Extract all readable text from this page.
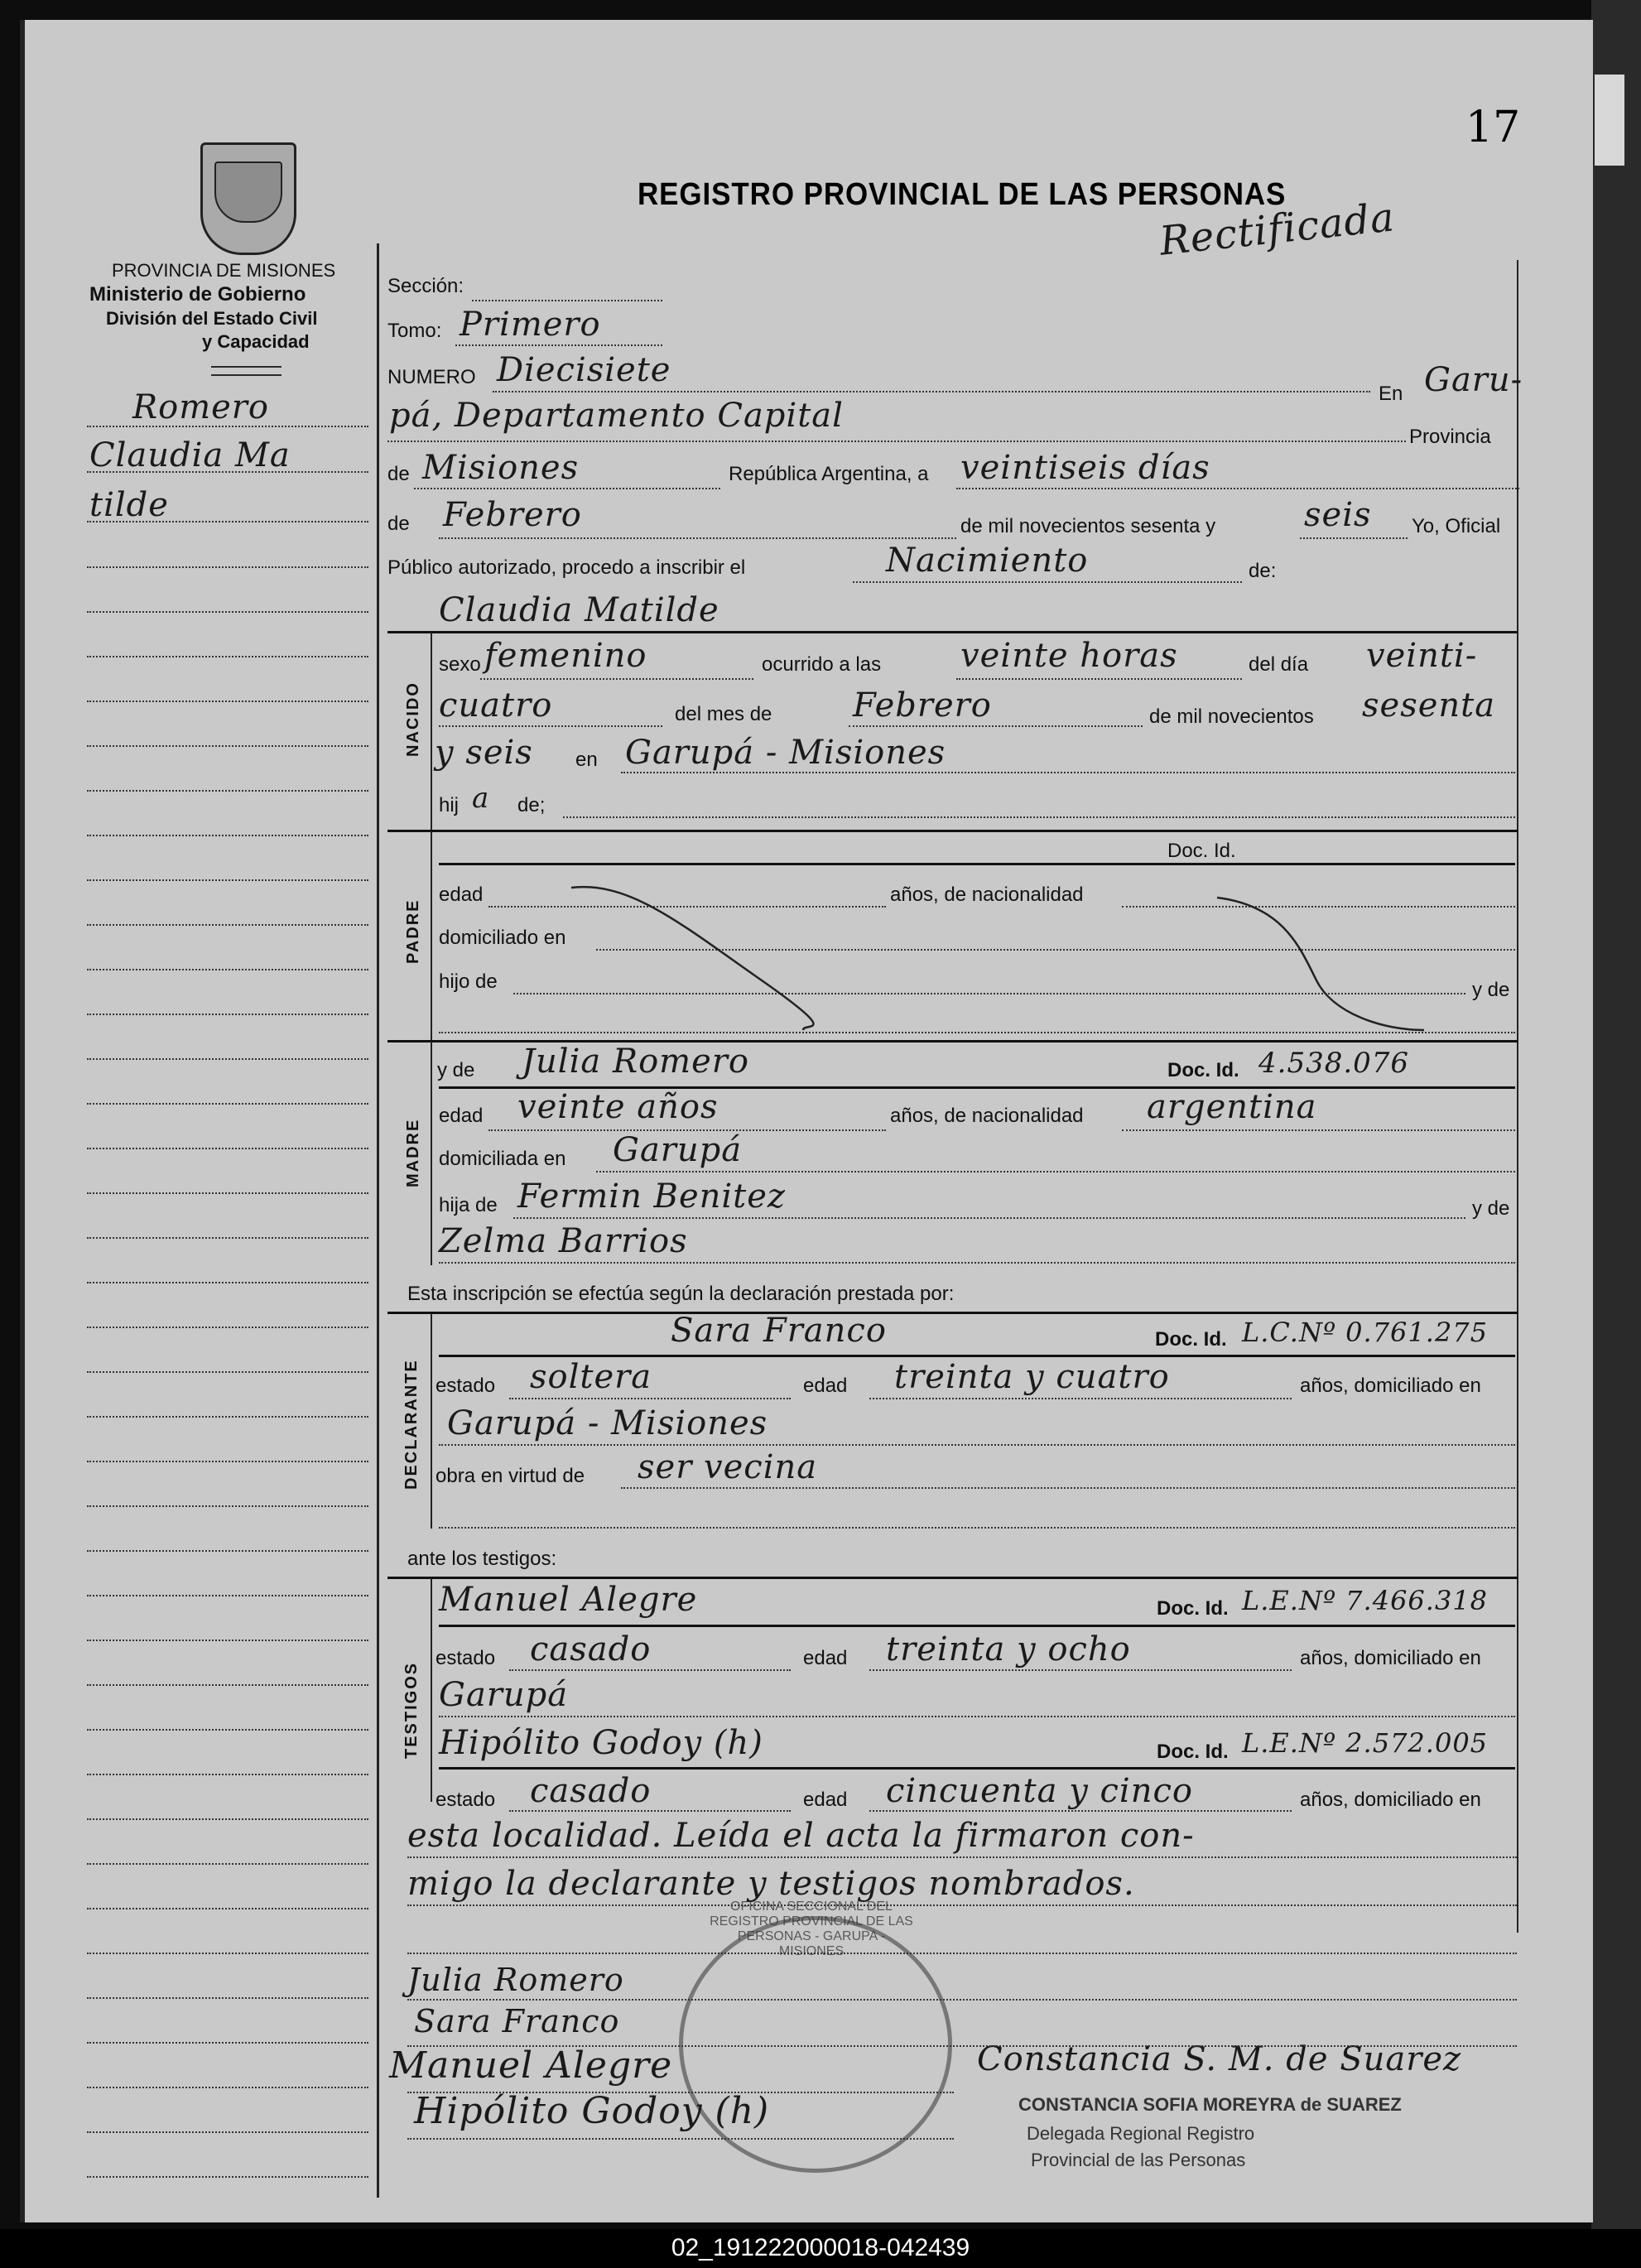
PROVINCIA DE MISIONES
Ministerio de Gobierno
División del Estado Civil
y Capacidad
Romero
Claudia Ma
tilde
17
REGISTRO PROVINCIAL DE LAS PERSONAS
Rectificada
Sección:
Tomo: Primero
NUMERO Diecisiete
En Garu-
pá, Departamento Capital
Provincia
de Misiones	República Argentina, a veintiseis días
de Febrero	de mil novecientos sesenta y	seis Yo, Oficial
Público autorizado, procedo a inscribir el	Nacimiento	de:
Claudia Matilde
NACIDO
sexo femenino	ocurrido a las veinte horas	del día veinti-
cuatro	del mes de Febrero	de mil novecientos sesenta
y seis en Garupá - Misiones
hij a de;
PADRE
Doc. Id.
edad	años, de nacionalidad
domiciliado en
hijo de	y de
MADRE
y de Julia Romero	Doc. Id. 4.538.076
edad veinte años	años, de nacionalidad argentina
domiciliada en Garupá
hija de Fermin Benitez	y de
Zelma Barrios
Esta inscripción se efectúa según la declaración prestada por:
DECLARANTE
Sara Franco	Doc. Id. L.C.Nº 0.761.275
estado soltera	edad treinta y cuatro	años, domiciliado en
Garupá - Misiones
obra en virtud de ser vecina
ante los testigos:
TESTIGOS
Manuel Alegre	Doc. Id. L.E.Nº 7.466.318
estado casado	edad treinta y ocho	años, domiciliado en
Garupá
Hipólito Godoy (h)	Doc. Id. L.E.Nº 2.572.005
estado casado	edad cincuenta y cinco	años, domiciliado en
esta localidad. Leída el acta la firmaron con-
migo la declarante y testigos nombrados.
OFICINA SECCIONAL DEL REGISTRO PROVINCIAL DE LAS PERSONAS - GARUPA - MISIONES
Julia Romero
Sara Franco
Manuel Alegre
Hipólito Godoy (h)
Constancia S. M. de Suarez
CONSTANCIA SOFIA MOREYRA de SUAREZ
Delegada Regional Registro
Provincial de las Personas
02_191222000018-042439
